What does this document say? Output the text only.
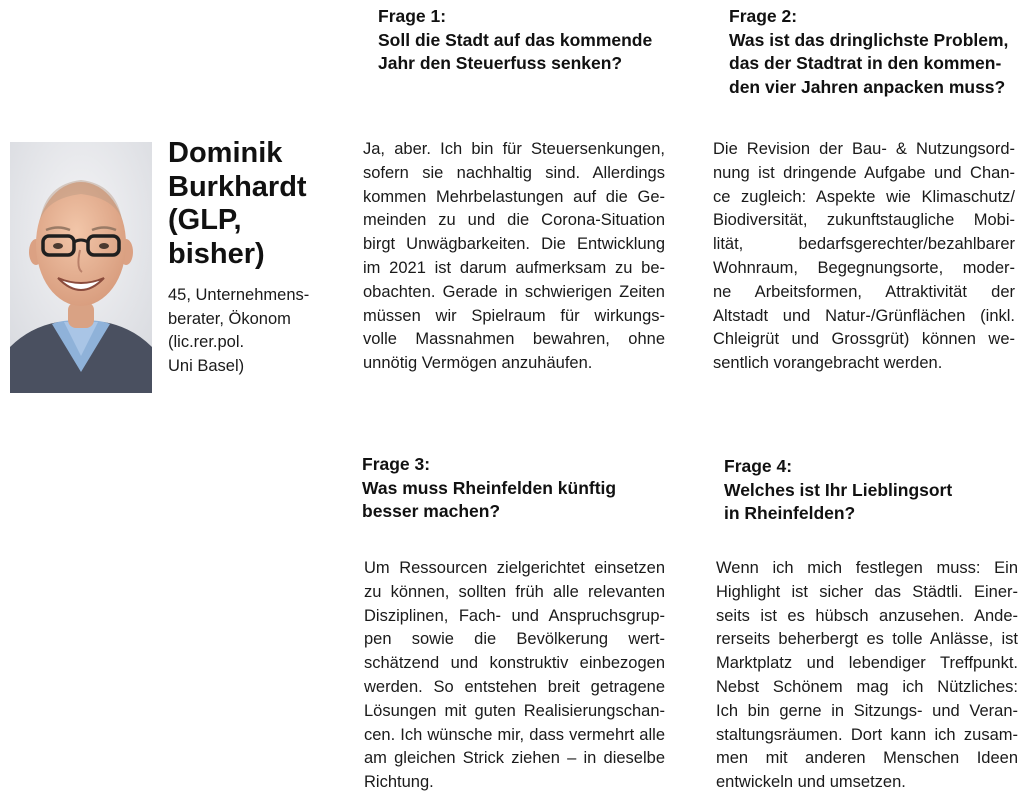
Dominik
Burkhardt
(GLP,
bisher)
45, Unternehmens-
berater, Ökonom
(lic.rer.pol.
Uni Basel)
Frage 1:
Soll die Stadt auf das kommende
Jahr den Steuerfuss senken?
Ja, aber. Ich bin für Steuersenkungen,
sofern sie nachhaltig sind. Allerdings
kommen Mehrbelastungen auf die Ge-
meinden zu und die Corona-Situation
birgt Unwägbarkeiten. Die Entwicklung
im 2021 ist darum aufmerksam zu be-
obachten. Gerade in schwierigen Zeiten
müssen wir Spielraum für wirkungs-
volle Massnahmen bewahren, ohne
unnötig Vermögen anzuhäufen.
Frage 2:
Was ist das dringlichste Problem,
das der Stadtrat in den kommen-
den vier Jahren anpacken muss?
Die Revision der Bau- & Nutzungsord-
nung ist dringende Aufgabe und Chan-
ce zugleich: Aspekte wie Klimaschutz/
Biodiversität, zukunftstaugliche Mobi-
lität, bedarfsgerechter/bezahlbarer
Wohnraum, Begegnungsorte, moder-
ne Arbeitsformen, Attraktivität der
Altstadt und Natur-/Grünflächen (inkl.
Chleigrüt und Grossgrüt) können we-
sentlich vorangebracht werden.
Frage 3:
Was muss Rheinfelden künftig
besser machen?
Um Ressourcen zielgerichtet einsetzen
zu können, sollten früh alle relevanten
Disziplinen, Fach- und Anspruchsgrup-
pen sowie die Bevölkerung wert-
schätzend und konstruktiv einbezogen
werden. So entstehen breit getragene
Lösungen mit guten Realisierungschan-
cen. Ich wünsche mir, dass vermehrt alle
am gleichen Strick ziehen – in dieselbe
Richtung.
Frage 4:
Welches ist Ihr Lieblingsort
in Rheinfelden?
Wenn ich mich festlegen muss: Ein
Highlight ist sicher das Städtli. Einer-
seits ist es hübsch anzusehen. Ande-
rerseits beherbergt es tolle Anlässe, ist
Marktplatz und lebendiger Treffpunkt.
Nebst Schönem mag ich Nützliches:
Ich bin gerne in Sitzungs- und Veran-
staltungsräumen. Dort kann ich zusam-
men mit anderen Menschen Ideen
entwickeln und umsetzen.
